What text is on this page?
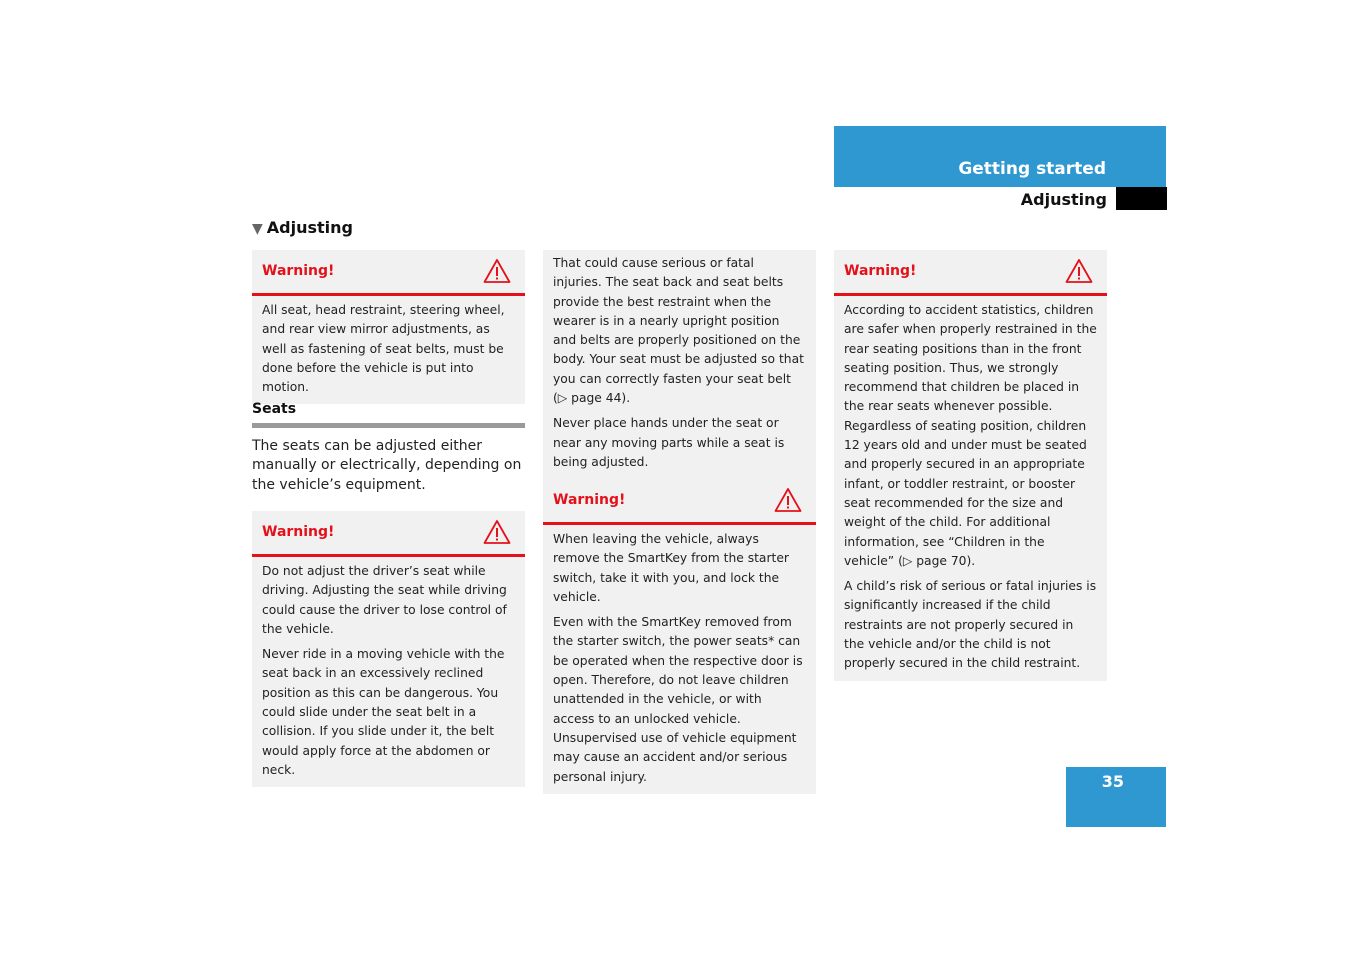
Getting started
Adjusting
▼ Adjusting
Warning!

All seat, head restraint, steering wheel, and rear view mirror adjustments, as well as fastening of seat belts, must be done before the vehicle is put into motion.

Seats

The seats can be adjusted either manually or electrically, depending on the vehicle’s equipment.

Warning!

Do not adjust the driver’s seat while driving. Adjusting the seat while driving could cause the driver to lose control of the vehicle.

Never ride in a moving vehicle with the seat back in an excessively reclined position as this can be dangerous. You could slide under the seat belt in a collision. If you slide under it, the belt would apply force at the abdomen or neck.

That could cause serious or fatal injuries. The seat back and seat belts provide the best restraint when the wearer is in a nearly upright position and belts are properly positioned on the body. Your seat must be adjusted so that you can correctly fasten your seat belt (▷ page 44).

Never place hands under the seat or near any moving parts while a seat is being adjusted.

Warning!

When leaving the vehicle, always remove the SmartKey from the starter switch, take it with you, and lock the vehicle.

Even with the SmartKey removed from the starter switch, the power seats* can be operated when the respective door is open. Therefore, do not leave children unattended in the vehicle, or with access to an unlocked vehicle. Unsupervised use of vehicle equipment may cause an accident and/or serious personal injury.

Warning!

According to accident statistics, children are safer when properly restrained in the rear seating positions than in the front seating position. Thus, we strongly recommend that children be placed in the rear seats whenever possible. Regardless of seating position, children 12 years old and under must be seated and properly secured in an appropriate infant, or toddler restraint, or booster seat recommended for the size and weight of the child. For additional information, see “Children in the vehicle” (▷ page 70).

A child’s risk of serious or fatal injuries is significantly increased if the child restraints are not properly secured in the vehicle and/or the child is not properly secured in the child restraint.

35
